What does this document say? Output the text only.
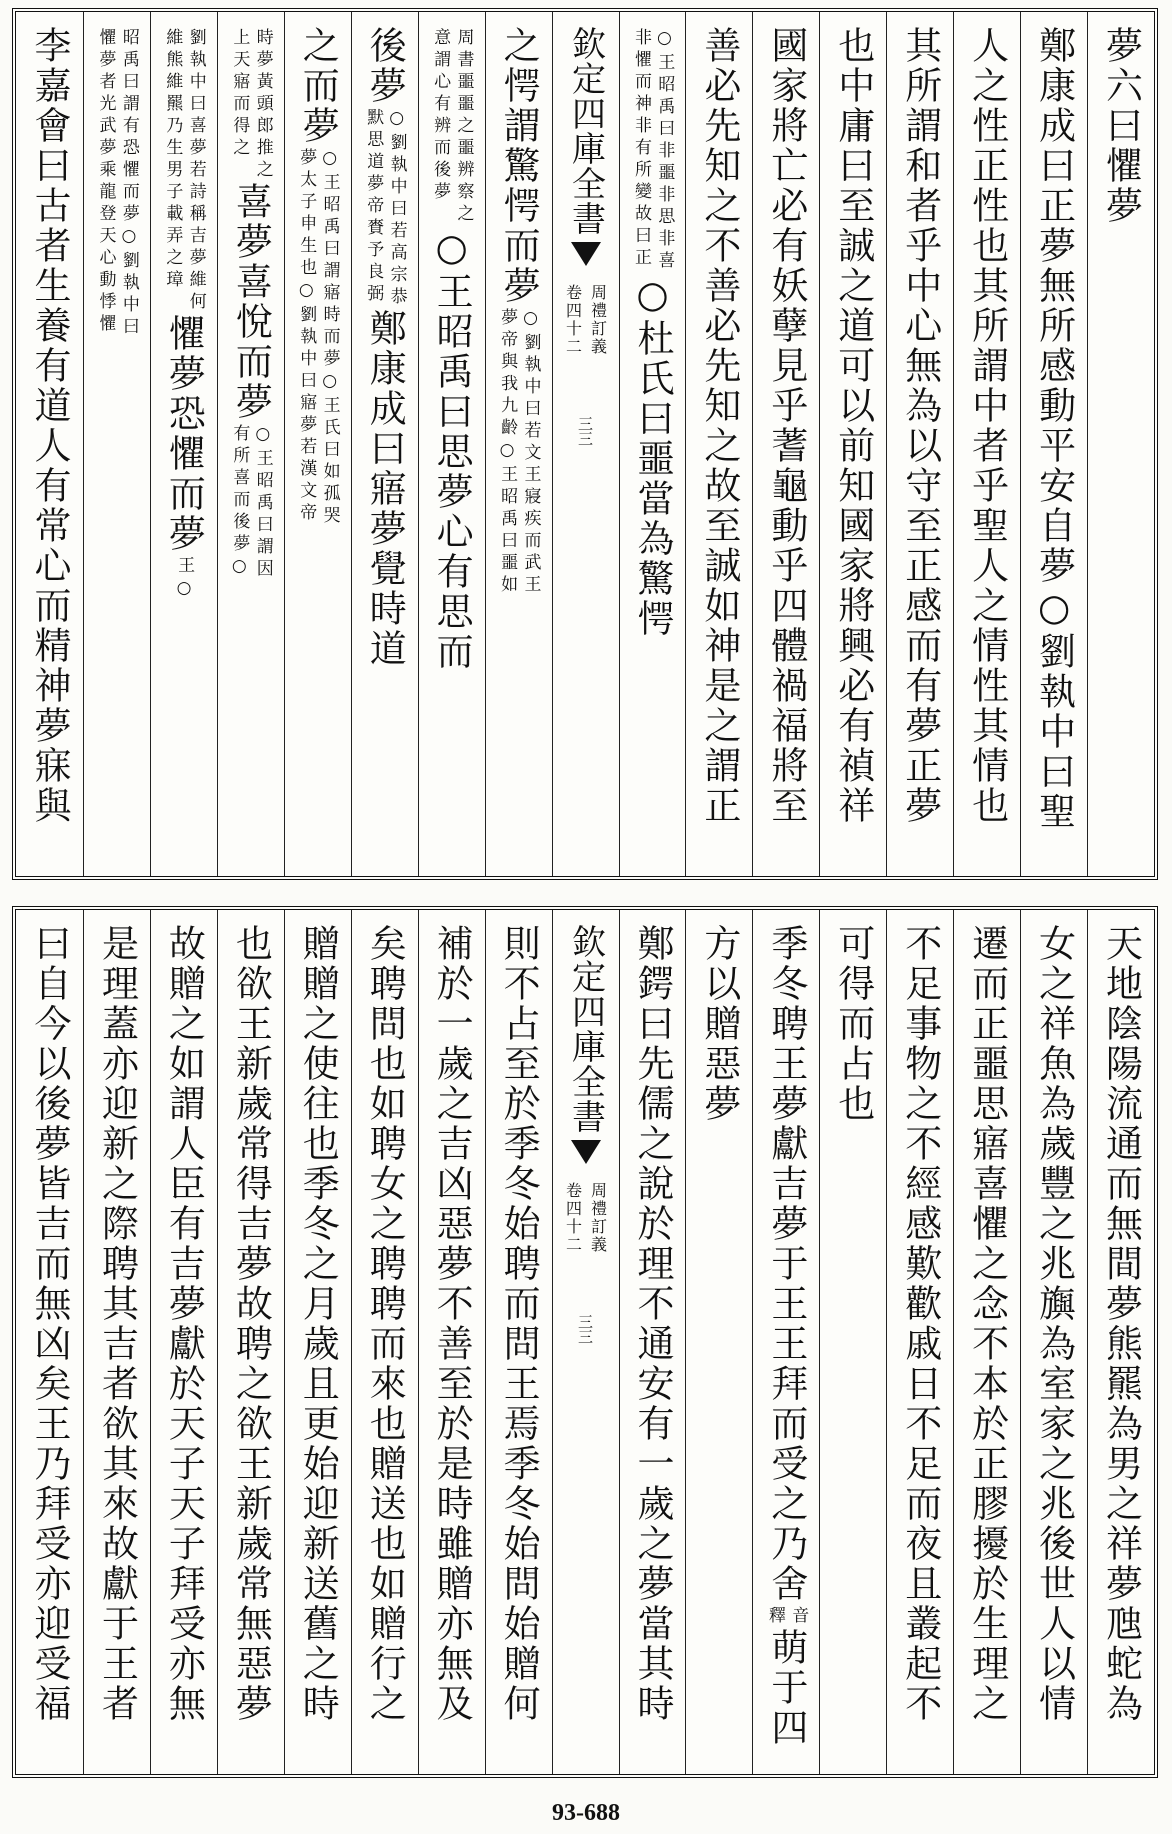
夢六曰懼夢
鄭康成曰正夢無所感動平安自夢○劉執中曰聖
人之性正性也其所謂中者乎聖人之情性其情也
其所謂和者乎中心無為以守至正感而有夢正夢
也中庸曰至誠之道可以前知國家將興必有禎祥
國家將亡必有妖孽見乎蓍龜動乎四體禍福將至
善必先知之不善必先知之故至誠如神是之謂正
○王昭禹曰非噩非思非喜
非懼而神非有所變故曰正
○杜氏曰噩當為驚愕
欽定四庫全書
周禮訂義
卷四十二
三三
之愕謂驚愕而夢
○劉執中曰若文王寢疾而武王
夢帝與我九齡○王昭禹曰噩如
周書噩噩之噩辨察之
意謂心有辨而後夢
○王昭禹曰思夢心有思而
後夢
○劉執中曰若高宗恭
默思道夢帝賚予良弼
鄭康成曰寤夢覺時道
之而夢
○王昭禹曰謂寤時而夢○王氏曰如孤哭
夢太子申生也○劉執中曰寤夢若漢文帝
時夢黃頭郎推之
上天寤而得之
喜夢喜悅而夢
○王昭禹曰謂因
有所喜而後夢○
劉執中曰喜夢若詩稱吉夢維何
維熊維羆乃生男子載弄之璋
懼夢恐懼而夢
王○
昭禹曰謂有恐懼而夢○劉執中曰
懼夢者光武夢乘龍登天心動悸懼
李嘉會曰古者生養有道人有常心而精神夢寐與
天地陰陽流通而無間夢熊羆為男之祥夢虺蛇為
女之祥魚為歲豐之兆旟為室家之兆後世人以情
遷而正噩思寤喜懼之念不本於正膠擾於生理之
不足事物之不經感歎歡戚日不足而夜且叢起不
可得而占也
季冬聘王夢獻吉夢于王王拜而受之乃舍
音
釋
萌于四
方以贈惡夢
鄭鍔曰先儒之說於理不通安有一歲之夢當其時
欽定四庫全書
周禮訂義
卷四十二
三三
則不占至於季冬始聘而問王焉季冬始問始贈何
補於一歲之吉凶惡夢不善至於是時雖贈亦無及
矣聘問也如聘女之聘聘而來也贈送也如贈行之
贈贈之使往也季冬之月歲且更始迎新送舊之時
也欲王新歲常得吉夢故聘之欲王新歲常無惡夢
故贈之如謂人臣有吉夢獻於天子天子拜受亦無
是理蓋亦迎新之際聘其吉者欲其來故獻于王者
曰自今以後夢皆吉而無凶矣王乃拜受亦迎受福
93-688
